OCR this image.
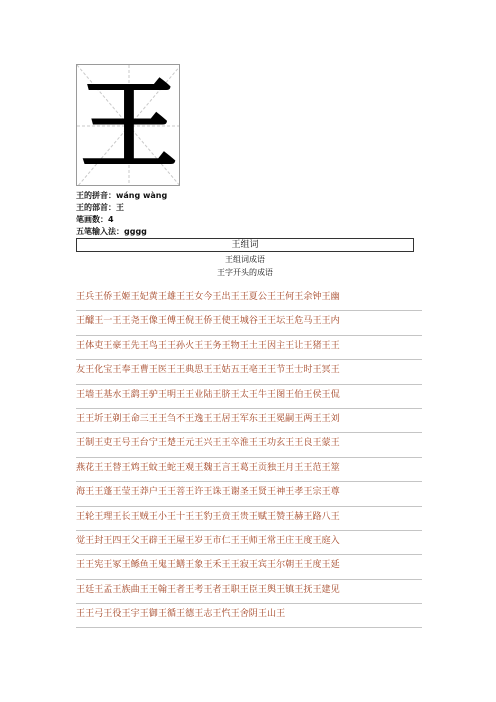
王
王的拼音：wáng wàng
王的部首：王
笔画数：4
五笔输入法：gggg
王组词
王组词成语
王字开头的成语
王兵王侨王姬王妃黄王雄王王女今王出王王夏公王王何王余钟王幽
王醵王一王王尧王像王傅王倪王侨王使王城谷王王坛王危马王王内
王体吏王豪王先王鸟王王孙火王王务王物王土王因主王让王猪王王
友王化宝王奉王曹王医王王典思王王姑五王亳王王节王士时王冥王
王墙王基水王鹞王驴王明王王业陆王脐王太王牛王图王伯王侯王侃
王王圻王剃王命三王王刍不王逸王王居王军东王王冕嗣王两王王刘
王制王吏王号王台宁王楚王元王兴王王卒淮王王功玄王王良王蒙王
燕花王王替王鸩王蚊王蛇王观王魏王言王葛王贡独王月王王范王筮
海王王蓬王莹王莽户王王菩王许王诛王谢圣王贤王神王孝王宗王尊
王轮王理王长王贼王小王十王王豹王贲王贵王赋王赞王赫王路八王
觉王封王四王父王辟王王屋王岁王市仁王王师王常王庄王度王庭入
王王宪王冢王鲧鱼王鬼王鳝王象王禾王王寂王宾王尔朝王王度王延
王廷王孟王族曲王王翰王者王考王者王职王臣王舆王镇王抚王建见
王王弓王役王宇王御王循王德王志王忾王舍阴王山王
